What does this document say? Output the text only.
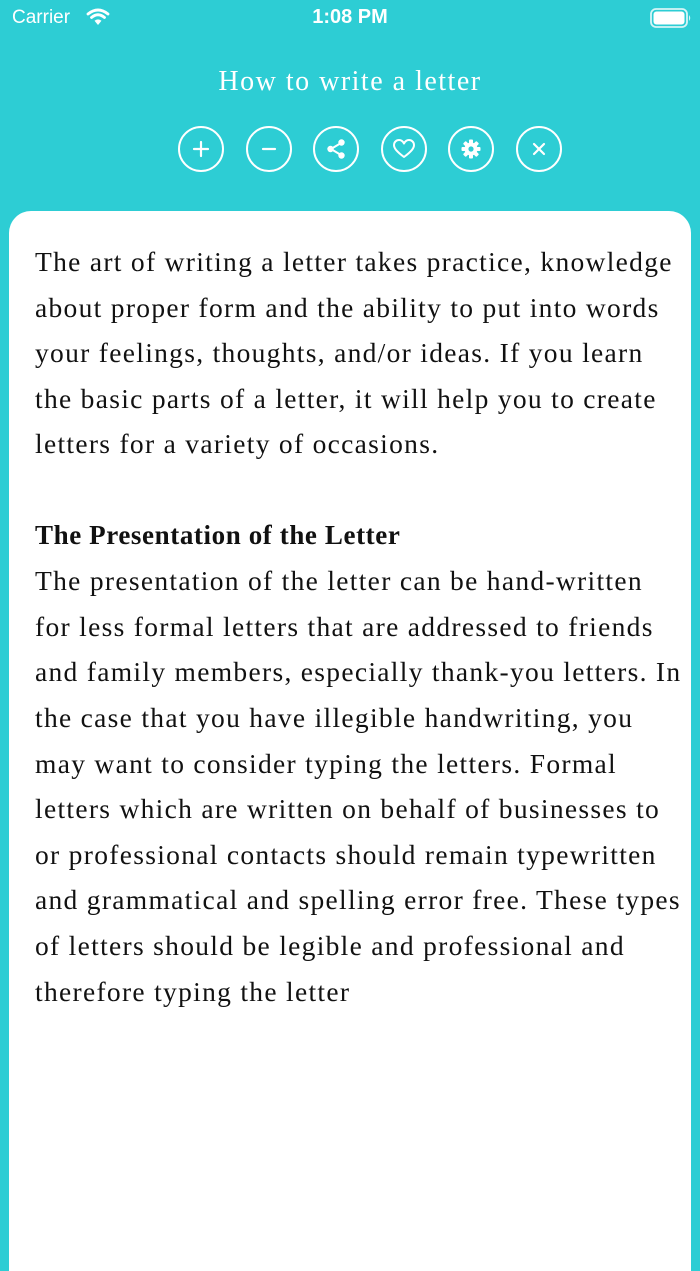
Carrier	1:08 PM
How to write a letter

The art of writing a letter takes practice, knowledge about proper form and the ability to put into words your feelings, thoughts, and/or ideas. If you learn the basic parts of a letter, it will help you to create letters for a variety of occasions.

The Presentation of the Letter

The presentation of the letter can be hand-written for less formal letters that are addressed to friends and family members, especially thank-you letters. In the case that you have illegible handwriting, you may want to consider typing the letters. Formal letters which are written on behalf of businesses to or professional contacts should remain typewritten and grammatical and spelling error free. These types of letters should be legible and professional and therefore typing the letter
